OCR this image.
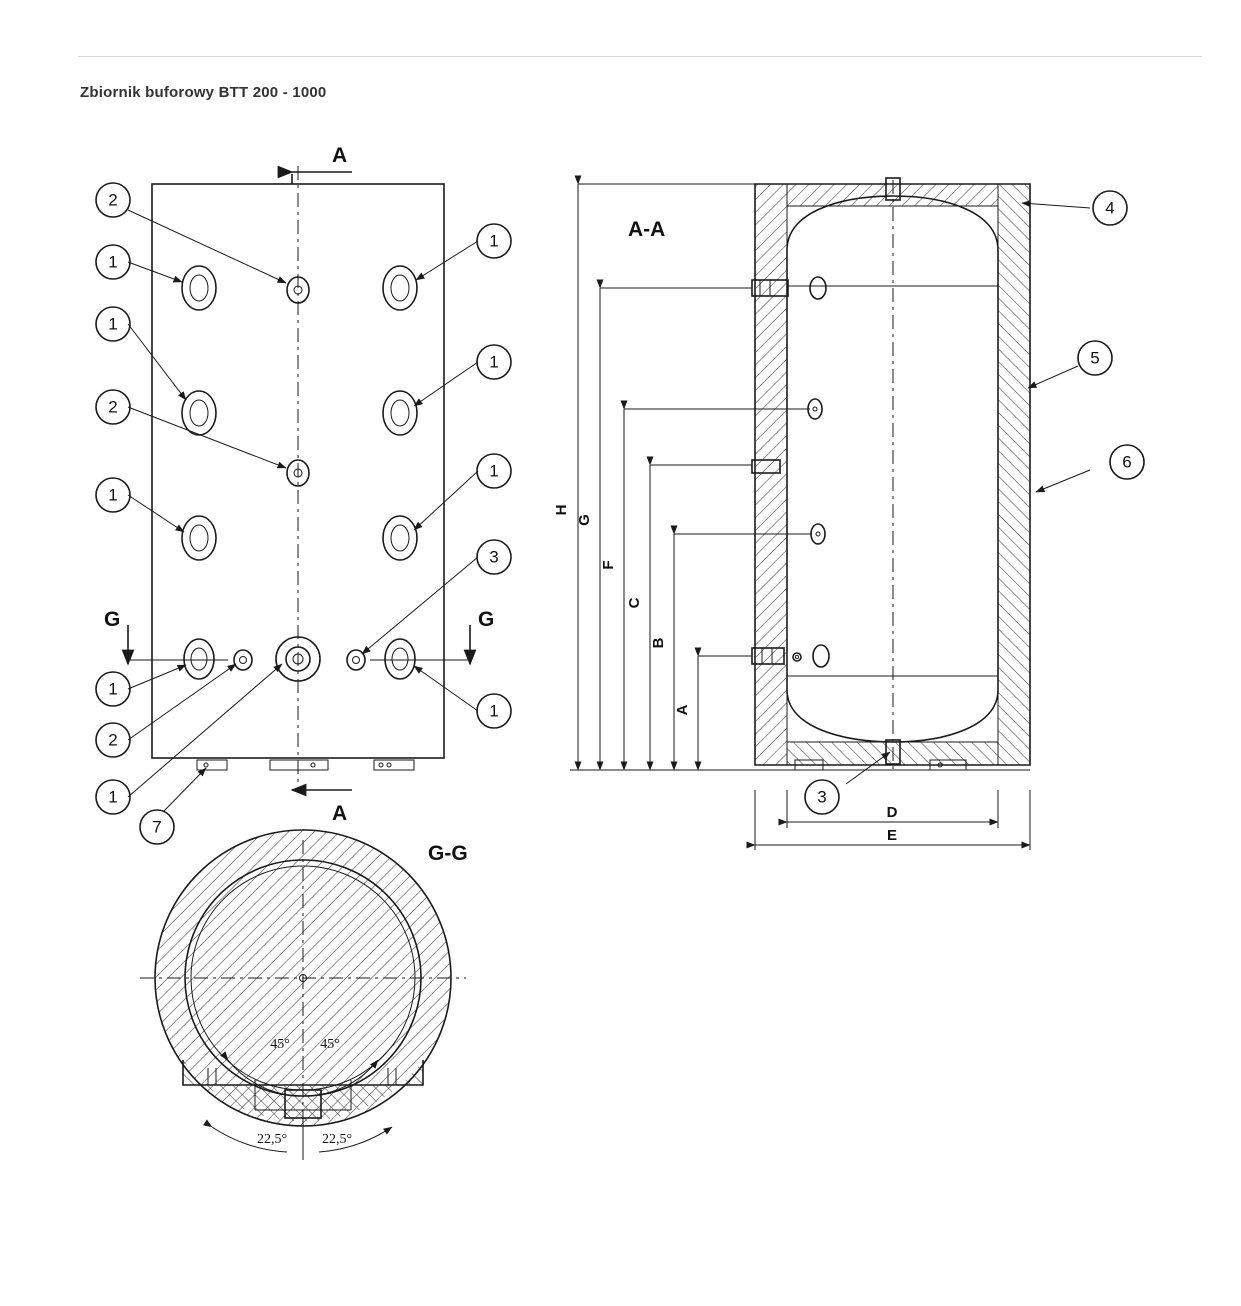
Zbiornik buforowy BTT 200 - 1000
A
A
G	G
2
1
1
1
2
1
1
1
3
1
1
2
1
7
A-A
H
G
F
C
B
A
D
E
4
5
6
3
G-G
45° 45°
22,5° 22,5°
